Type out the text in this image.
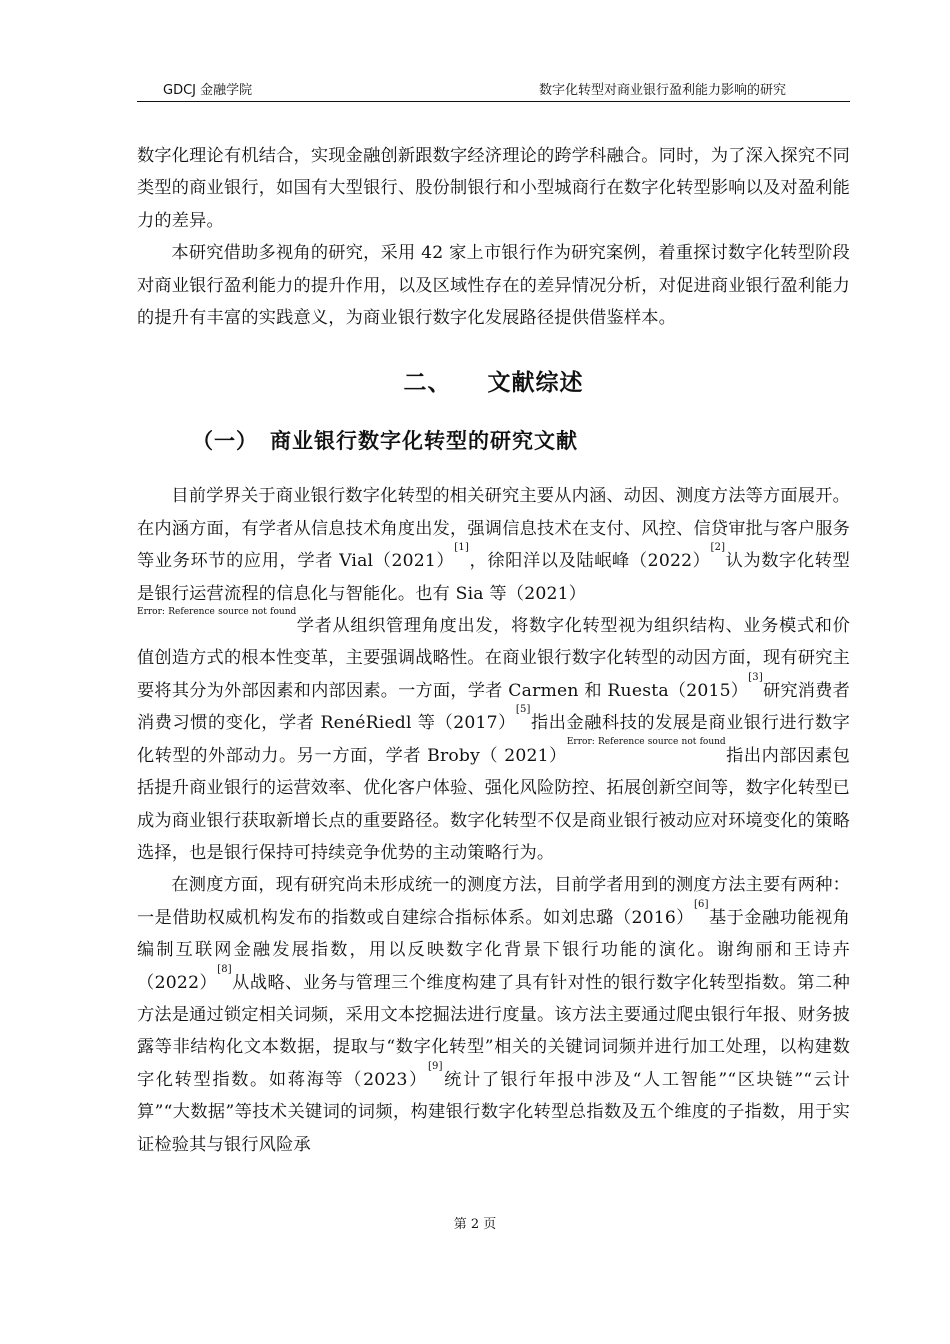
GDCJ 金融学院	数字化转型对商业银行盈利能力影响的研究

数字化理论有机结合，实现金融创新跟数字经济理论的跨学科融合。同时，为了深入探究不同类型的商业银行，如国有大型银行、股份制银行和小型城商行在数字化转型影响以及对盈利能力的差异。

本研究借助多视角的研究，采用 42 家上市银行作为研究案例，着重探讨数字化转型阶段对商业银行盈利能力的提升作用，以及区域性存在的差异情况分析，对促进商业银行盈利能力的提升有丰富的实践意义，为商业银行数字化发展路径提供借鉴样本。

二、 文献综述
（一） 商业银行数字化转型的研究文献

目前学界关于商业银行数字化转型的相关研究主要从内涵、动因、测度方法等方面展开。在内涵方面，有学者从信息技术角度出发，强调信息技术在支付、风控、信贷审批与客户服务等业务环节的应用，学者 Vial（2021）[1]，徐阳洋以及陆岷峰（2022）[2]认为数字化转型是银行运营流程的信息化与智能化。也有 Sia 等（2021）
$^{Error: Reference source not found}$学者从组织管理角度出发，将数字化转型视为组织结构、业务模式和价值创造方式的根本性变革，主要强调战略性。在商业银行数字化转型的动因方面，现有研究主要将其分为外部因素和内部因素。一方面，学者 Carmen 和 Ruesta（2015）[3]研究消费者消费习惯的变化，学者 RenéRiedl 等（2017）[5]指出金融科技的发展是商业银行进行数字化转型的外部动力。另一方面，学者 Broby（ 2021）$^{Error: Reference source not found}$指出内部因素包括提升商业银行的运营效率、优化客户体验、强化风险防控、拓展创新空间等，数字化转型已成为商业银行获取新增长点的重要路径。数字化转型不仅是商业银行被动应对环境变化的策略选择，也是银行保持可持续竞争优势的主动策略行为。

在测度方面，现有研究尚未形成统一的测度方法，目前学者用到的测度方法主要有两种：一是借助权威机构发布的指数或自建综合指标体系。如刘忠璐（2016）[6]基于金融功能视角编制互联网金融发展指数，用以反映数字化背景下银行功能的演化。谢绚丽和王诗卉（2022）[8]从战略、业务与管理三个维度构建了具有针对性的银行数字化转型指数。第二种方法是通过锁定相关词频，采用文本挖掘法进行度量。该方法主要通过爬虫银行年报、财务披露等非结构化文本数据，提取与“数字化转型”相关的关键词词频并进行加工处理，以构建数字化转型指数。如蒋海等（2023）[9]统计了银行年报中涉及“人工智能”“区块链”“云计算”“大数据”等技术关键词的词频，构建银行数字化转型总指数及五个维度的子指数，用于实证检验其与银行风险承

第 2 页
